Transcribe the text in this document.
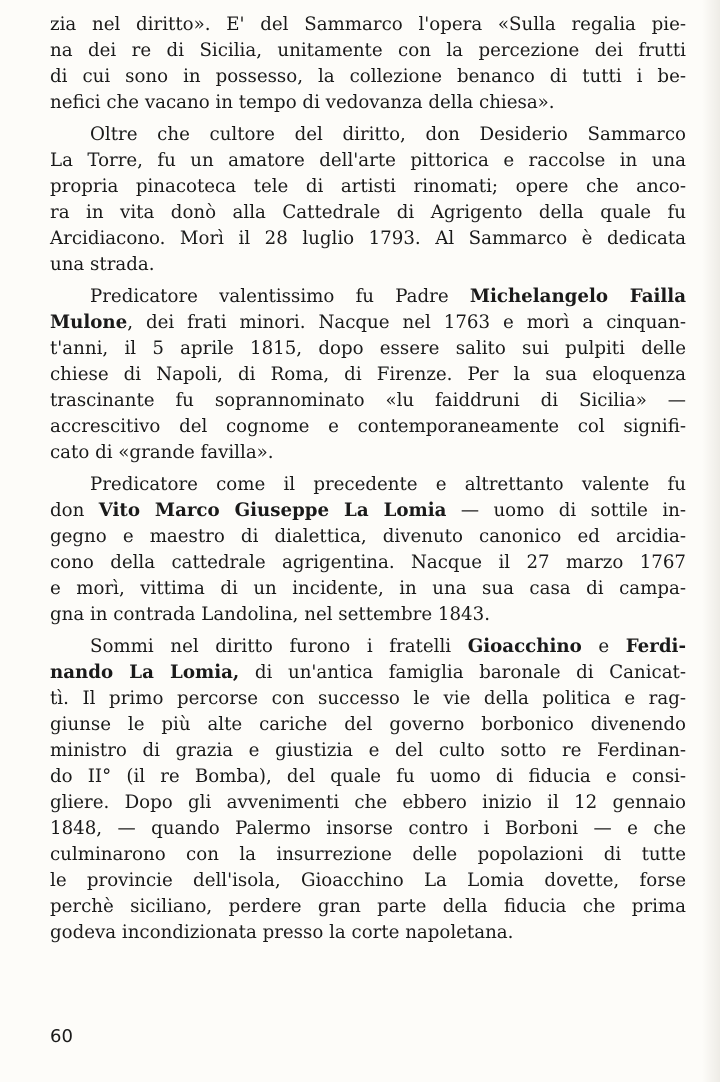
zia nel diritto». E' del Sammarco l'opera «Sulla regalia pie-
na dei re di Sicilia, unitamente con la percezione dei frutti
di cui sono in possesso, la collezione benanco di tutti i be-
nefici che vacano in tempo di vedovanza della chiesa».
Oltre che cultore del diritto, don Desiderio Sammarco
La Torre, fu un amatore dell'arte pittorica e raccolse in una
propria pinacoteca tele di artisti rinomati; opere che anco-
ra in vita donò alla Cattedrale di Agrigento della quale fu
Arcidiacono. Morì il 28 luglio 1793. Al Sammarco è dedicata
una strada.
Predicatore valentissimo fu Padre Michelangelo Failla
Mulone, dei frati minori. Nacque nel 1763 e morì a cinquan-
t'anni, il 5 aprile 1815, dopo essere salito sui pulpiti delle
chiese di Napoli, di Roma, di Firenze. Per la sua eloquenza
trascinante fu soprannominato «lu faiddruni di Sicilia» —
accrescitivo del cognome e contemporaneamente col signifi-
cato di «grande favilla».
Predicatore come il precedente e altrettanto valente fu
don Vito Marco Giuseppe La Lomia — uomo di sottile in-
gegno e maestro di dialettica, divenuto canonico ed arcidia-
cono della cattedrale agrigentina. Nacque il 27 marzo 1767
e morì, vittima di un incidente, in una sua casa di campa-
gna in contrada Landolina, nel settembre 1843.
Sommi nel diritto furono i fratelli Gioacchino e Ferdi-
nando La Lomia, di un'antica famiglia baronale di Canicat-
tì. Il primo percorse con successo le vie della politica e rag-
giunse le più alte cariche del governo borbonico divenendo
ministro di grazia e giustizia e del culto sotto re Ferdinan-
do II° (il re Bomba), del quale fu uomo di fiducia e consi-
gliere. Dopo gli avvenimenti che ebbero inizio il 12 gennaio
1848, — quando Palermo insorse contro i Borboni — e che
culminarono con la insurrezione delle popolazioni di tutte
le provincie dell'isola, Gioacchino La Lomia dovette, forse
perchè siciliano, perdere gran parte della fiducia che prima
godeva incondizionata presso la corte napoletana.
60
